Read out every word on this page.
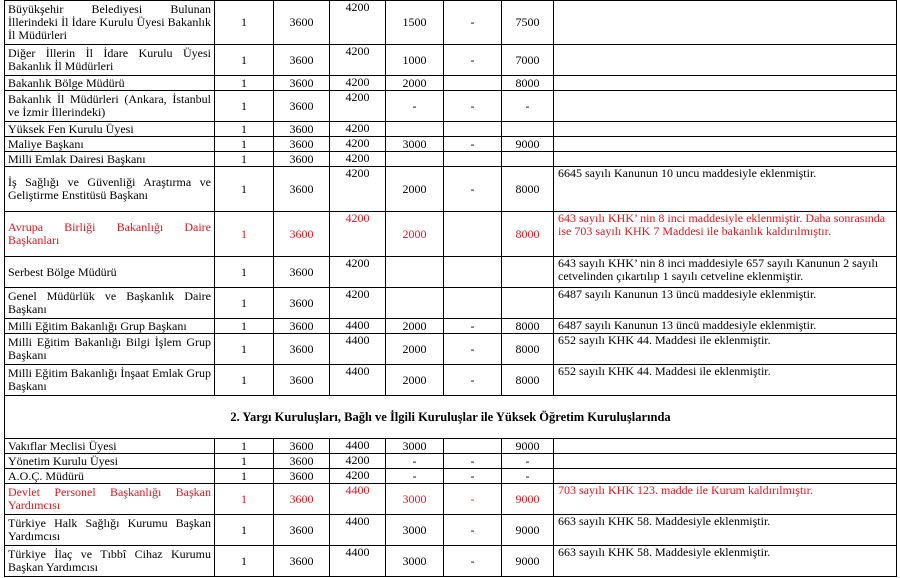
Büyükşehir Belediyesi Bulunan İllerindeki İl İdare Kurulu Üyesi Bakanlık İl Müdürleri	1	3600	4200	1500	-	7500	
Diğer İllerin İl İdare Kurulu Üyesi Bakanlık İl Müdürleri	1	3600	4200	1000	-	7000	
Bakanlık Bölge Müdürü	1	3600	4200	2000		8000	
Bakanlık İl Müdürleri (Ankara, İstanbul ve İzmir İllerindeki)	1	3600	4200	-	-	-	
Yüksek Fen Kurulu Üyesi	1	3600	4200				
Maliye Başkanı	1	3600	4200	3000	-	9000	
Milli Emlak Dairesi Başkanı	1	3600	4200				
İş Sağlığı ve Güvenliği Araştırma ve Geliştirme Enstitüsü Başkanı	1	3600	4200	2000	-	8000	6645 sayılı Kanunun 10 uncu maddesiyle eklenmiştir.
Avrupa Birliği Bakanlığı Daire Başkanları	1	3600	4200	2000		8000	643 sayılı KHK’ nin 8 inci maddesiyle eklenmiştir. Daha sonrasında ise 703 sayılı KHK 7 Maddesi ile bakanlık kaldırılmıştır.
Serbest Bölge Müdürü	1	3600	4200				643 sayılı KHK’ nin 8 inci maddesiyle 657 sayılı Kanunun 2 sayılı cetvelinden çıkartılıp 1 sayılı cetveline eklenmiştir.
Genel Müdürlük ve Başkanlık Daire Başkanı	1	3600	4200				6487 sayılı Kanunun 13 üncü maddesiyle eklenmiştir.
Milli Eğitim Bakanlığı Grup Başkanı	1	3600	4400	2000	-	8000	6487 sayılı Kanunun 13 üncü maddesiyle eklenmiştir.
Milli Eğitim Bakanlığı Bilgi İşlem Grup Başkanı	1	3600	4400	2000	-	8000	652 sayılı KHK 44. Maddesi ile eklenmiştir.
Milli Eğitim Bakanlığı İnşaat Emlak Grup Başkanı	1	3600	4400	2000	-	8000	652 sayılı KHK 44. Maddesi ile eklenmiştir.
2. Yargı Kuruluşları, Bağlı ve İlgili Kuruluşlar ile Yüksek Öğretim Kuruluşlarında							
Vakıflar Meclisi Üyesi	1	3600	4400	3000		9000	
Yönetim Kurulu Üyesi	1	3600	4200	-	-	-	
A.O.Ç. Müdürü	1	3600	4200	-	-	-	
Devlet Personel Başkanlığı Başkan Yardımcısı	1	3600	4400	3000	-	9000	703 sayılı KHK 123. madde ile Kurum kaldırılmıştır.
Türkiye Halk Sağlığı Kurumu Başkan Yardımcısı	1	3600	4400	3000	-	9000	663 sayılı KHK 58. Maddesiyle eklenmiştir.
Türkiye İlaç ve Tıbbî Cihaz Kurumu Başkan Yardımcısı	1	3600	4400	3000	-	9000	663 sayılı KHK 58. Maddesiyle eklenmiştir.
